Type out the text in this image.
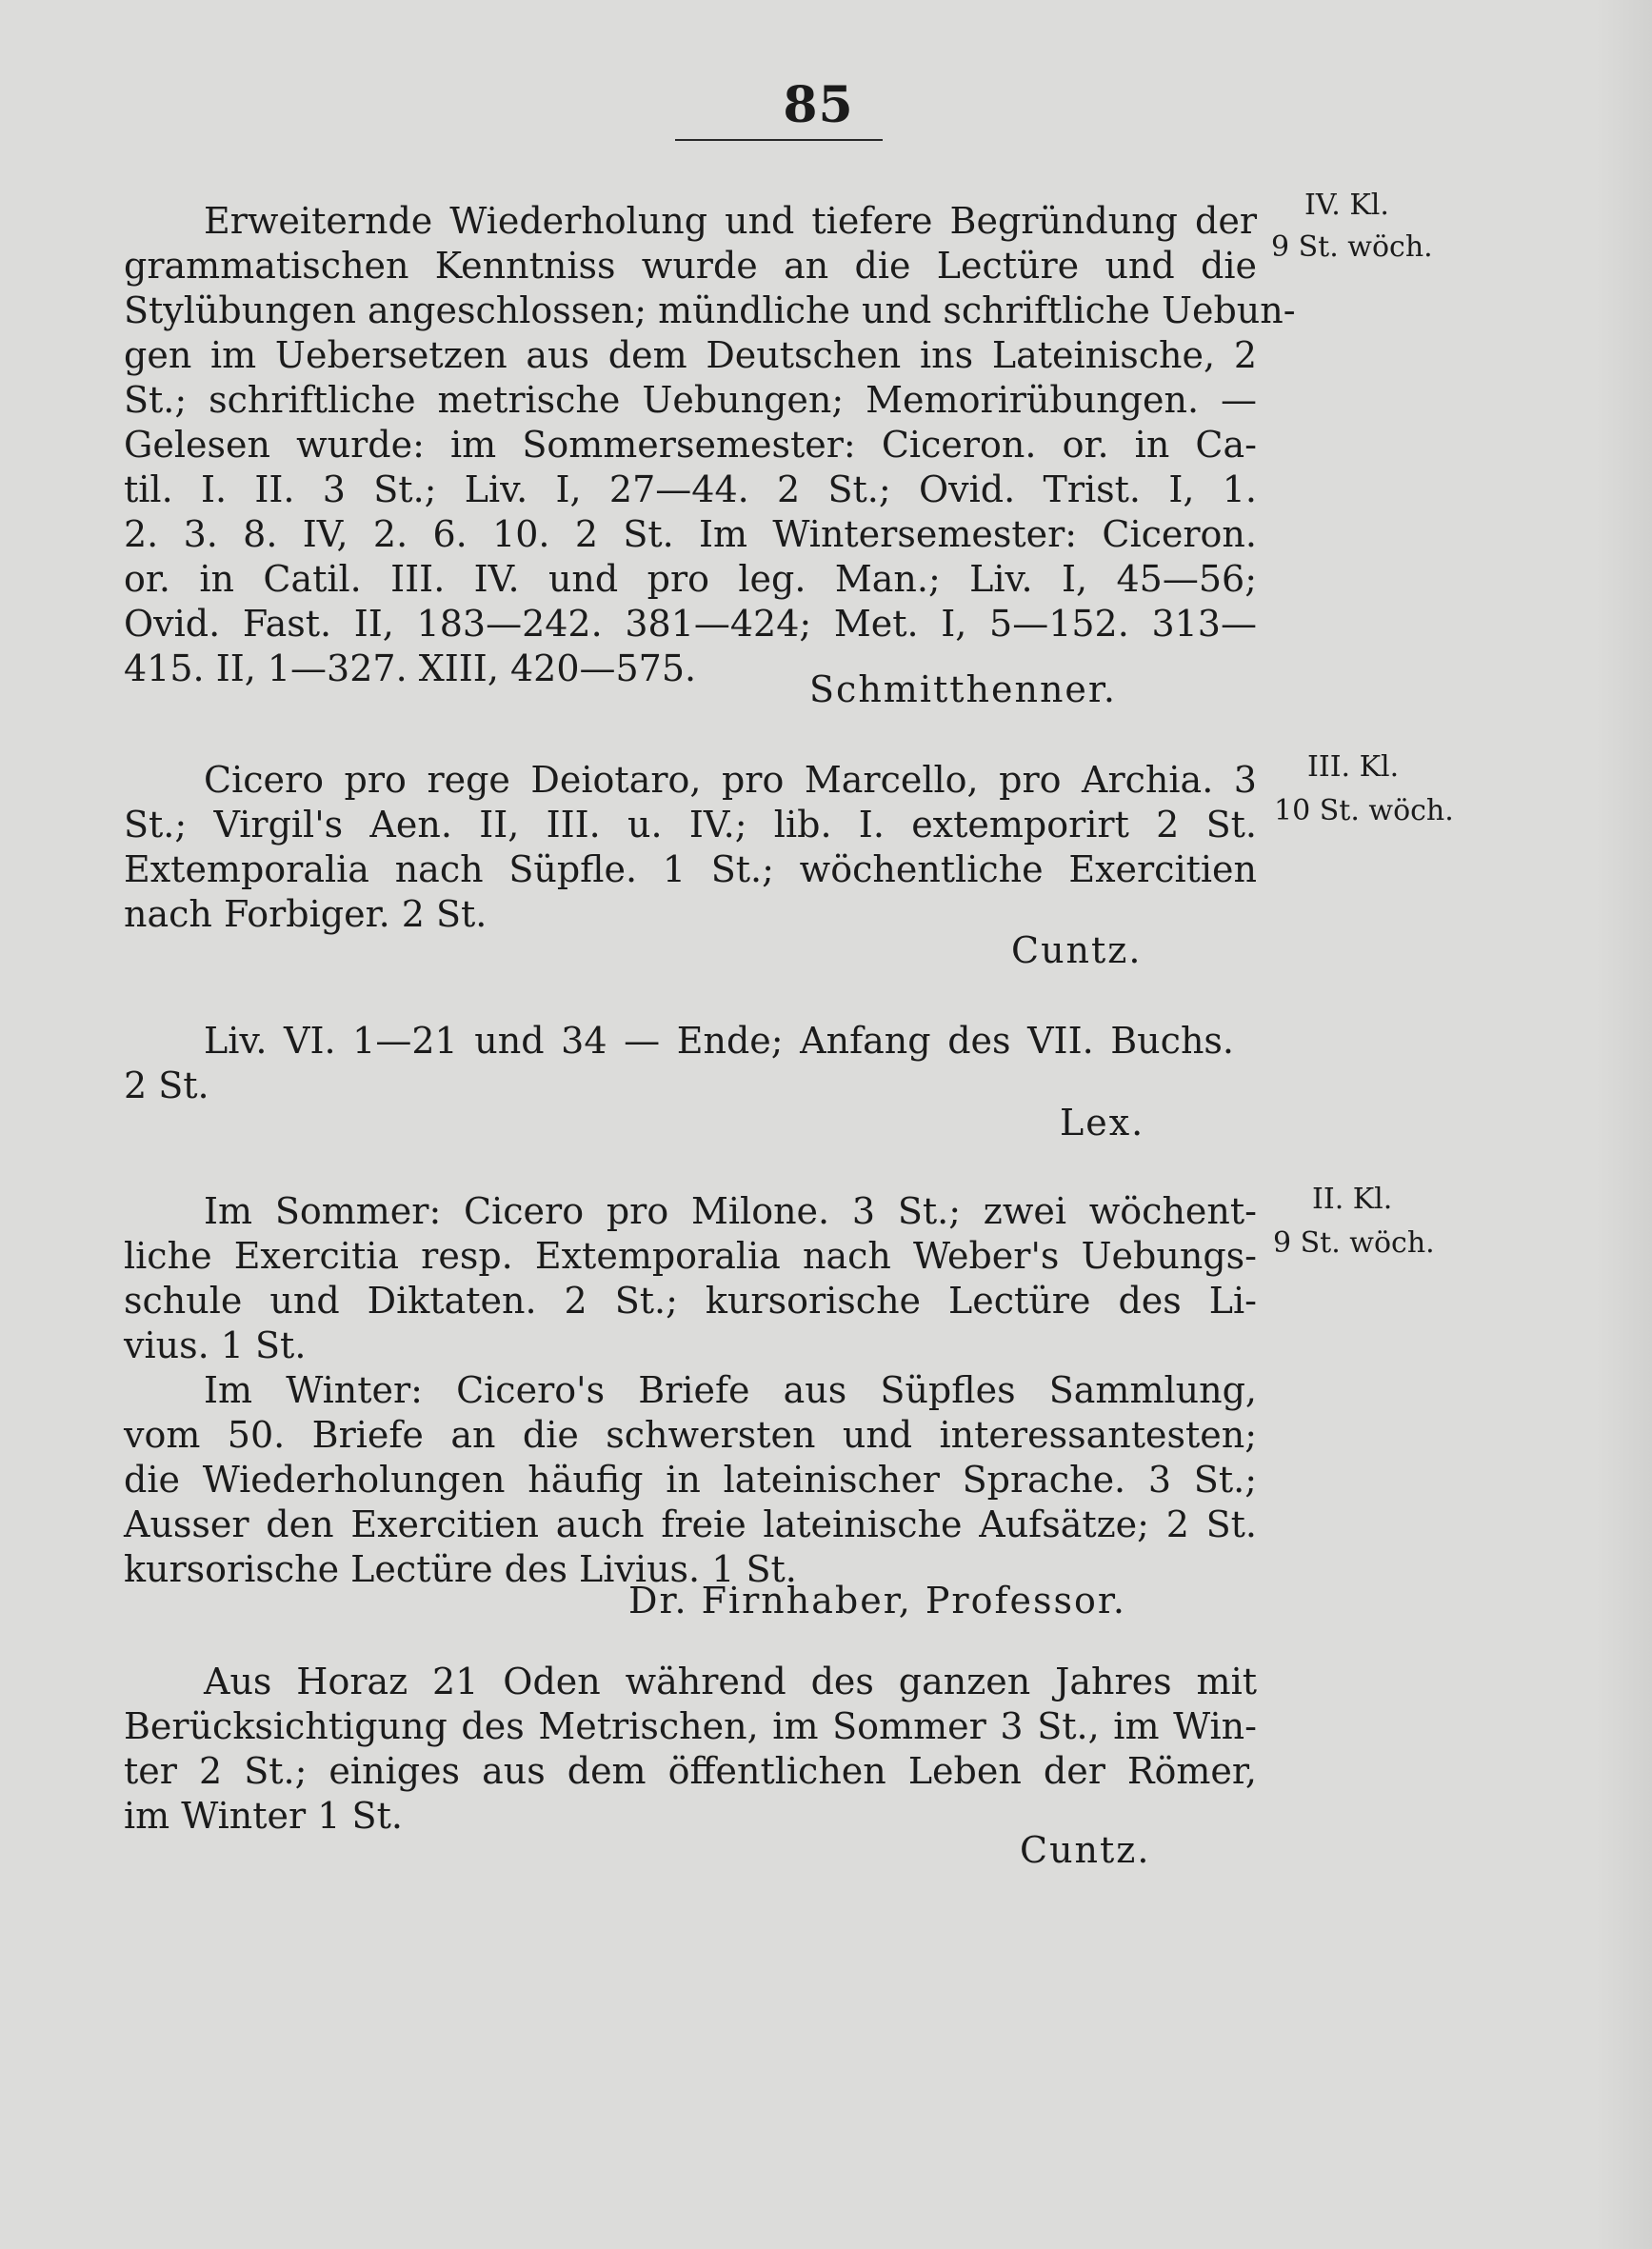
85
IV. Kl.
9 St. wöch.
Erweiternde Wiederholung und tiefere Begründung der
grammatischen Kenntniss wurde an die Lectüre und die
Stylübungen angeschlossen; mündliche und schriftliche Uebun-
gen im Uebersetzen aus dem Deutschen ins Lateinische, 2
St.; schriftliche metrische Uebungen; Memorirübungen. —
Gelesen wurde: im Sommersemester: Ciceron. or. in Ca-
til. I. II. 3 St.; Liv. I, 27—44. 2 St.; Ovid. Trist. I, 1.
2. 3. 8. IV, 2. 6. 10. 2 St. Im Wintersemester: Ciceron.
or. in Catil. III. IV. und pro leg. Man.; Liv. I, 45—56;
Ovid. Fast. II, 183—242. 381—424; Met. I, 5—152. 313—
415. II, 1—327. XIII, 420—575.	Schmitthenner.
III. Kl.
10 St. wöch.
Cicero pro rege Deiotaro, pro Marcello, pro Archia. 3
St.; Virgil's Aen. II, III. u. IV.; lib. I. extemporirt 2 St.
Extemporalia nach Süpfle. 1 St.; wöchentliche Exercitien
nach Forbiger. 2 St.
Cuntz.
Liv. VI. 1—21 und 34 — Ende; Anfang des VII. Buchs.
2 St.
Lex.
II. Kl.
9 St. wöch.
Im Sommer: Cicero pro Milone. 3 St.; zwei wöchent-
liche Exercitia resp. Extemporalia nach Weber's Uebungs-
schule und Diktaten. 2 St.; kursorische Lectüre des Li-
vius. 1 St.
Im Winter: Cicero's Briefe aus Süpfles Sammlung,
vom 50. Briefe an die schwersten und interessantesten;
die Wiederholungen häufig in lateinischer Sprache. 3 St.;
Ausser den Exercitien auch freie lateinische Aufsätze; 2 St.
kursorische Lectüre des Livius. 1 St.
Dr. Firnhaber, Professor.
Aus Horaz 21 Oden während des ganzen Jahres mit
Berücksichtigung des Metrischen, im Sommer 3 St., im Win-
ter 2 St.; einiges aus dem öffentlichen Leben der Römer,
im Winter 1 St.
Cuntz.
